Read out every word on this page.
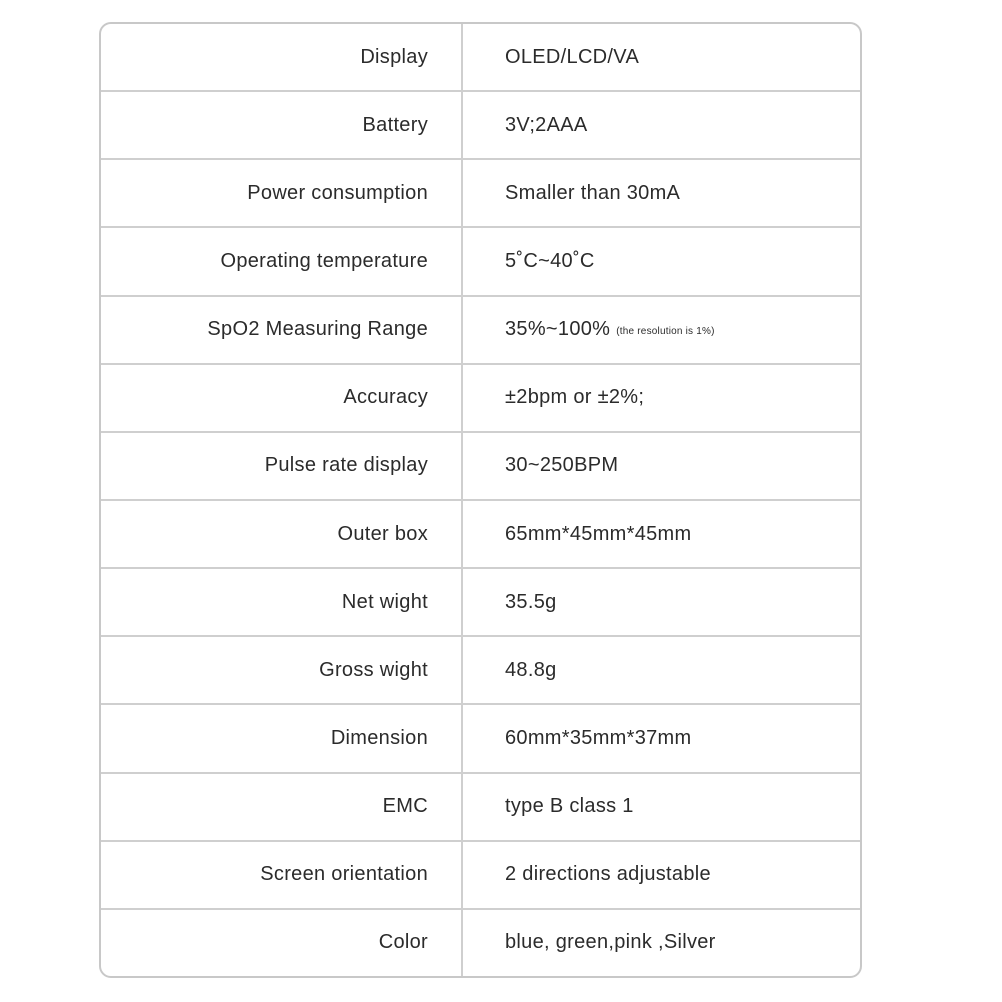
Display	OLED/LCD/VA
Battery	3V;2AAA
Power consumption	Smaller than 30mA
Operating temperature	5˚C~40˚C
SpO2 Measuring Range	35%~100% (the resolution is 1%)
Accuracy	±2bpm or ±2%;
Pulse rate display	30~250BPM
Outer box	65mm*45mm*45mm
Net wight	35.5g
Gross wight	48.8g
Dimension	60mm*35mm*37mm
EMC	type B class 1
Screen orientation	2 directions adjustable
Color	blue, green,pink ,Silver
